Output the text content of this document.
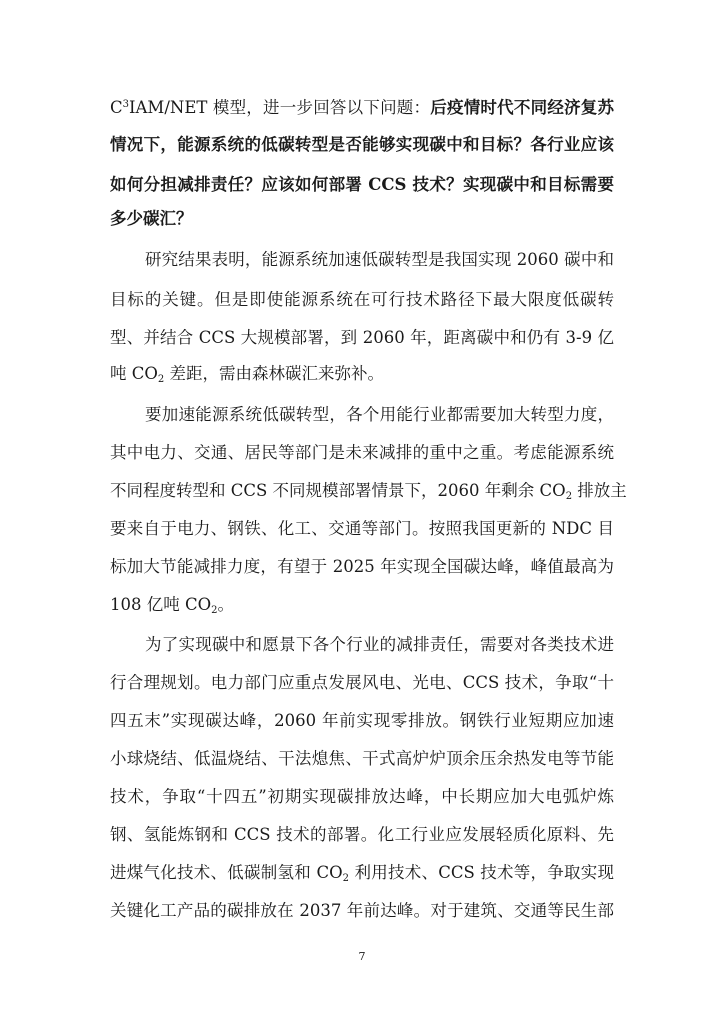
$C^3IAM$/NET 模型，进一步回答以下问题：后疫情时代不同经济复苏
情况下，能源系统的低碳转型是否能够实现碳中和目标？各行业应该
如何分担减排责任？应该如何部署 CCS 技术？实现碳中和目标需要
多少碳汇？
研究结果表明，能源系统加速低碳转型是我国实现 2060 碳中和
目标的关键。但是即使能源系统在可行技术路径下最大限度低碳转
型、并结合 CCS 大规模部署，到 2060 年，距离碳中和仍有 3-9 亿
吨 $CO_2$ 差距，需由森林碳汇来弥补。
要加速能源系统低碳转型，各个用能行业都需要加大转型力度，
其中电力、交通、居民等部门是未来减排的重中之重。考虑能源系统
不同程度转型和 CCS 不同规模部署情景下，2060 年剩余 $CO_2$ 排放主
要来自于电力、钢铁、化工、交通等部门。按照我国更新的 NDC 目
标加大节能减排力度，有望于 2025 年实现全国碳达峰，峰值最高为
108 亿吨 $CO_2$。
为了实现碳中和愿景下各个行业的减排责任，需要对各类技术进
行合理规划。电力部门应重点发展风电、光电、CCS 技术，争取“十
四五末”实现碳达峰，2060 年前实现零排放。钢铁行业短期应加速
小球烧结、低温烧结、干法熄焦、干式高炉炉顶余压余热发电等节能
技术，争取“十四五”初期实现碳排放达峰，中长期应加大电弧炉炼
钢、氢能炼钢和 CCS 技术的部署。化工行业应发展轻质化原料、先
进煤气化技术、低碳制氢和 $CO_2$ 利用技术、CCS 技术等，争取实现
关键化工产品的碳排放在 2037 年前达峰。对于建筑、交通等民生部
7
